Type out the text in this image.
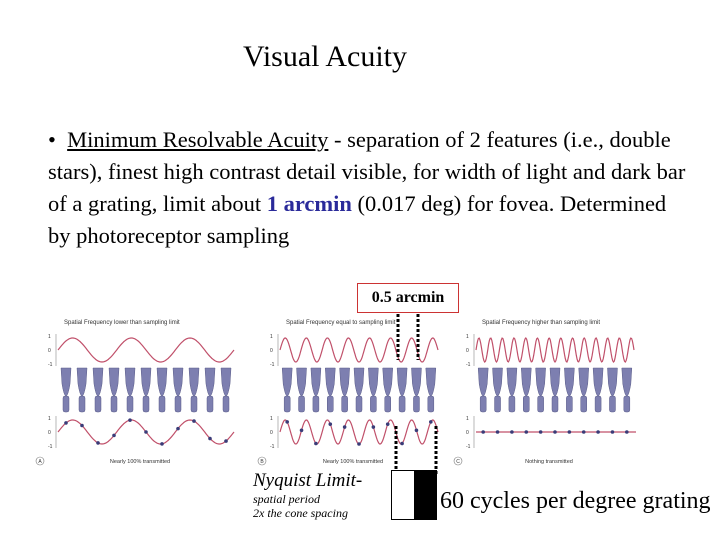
Visual Acuity
• Minimum Resolvable Acuity - separation of 2 features (i.e., double stars), finest high contrast detail visible, for width of light and dark bar of a grating, limit about 1 arcmin (0.017 deg) for fovea. Determined by photoreceptor sampling
Spatial Frequency lower than sampling limit
1
0
-1
1
0
-1
Nearly 100% transmitted
A
Spatial Frequency equal to sampling limit
1
0
-1
1
0
-1
Nearly 100% transmitted
B
Spatial Frequency higher than sampling limit
1
0
-1
1
0
-1
Nothing transmitted
C
0.5 arcmin
Nyquist Limit-
spatial period
2x the cone spacing	60 cycles per degree grating
